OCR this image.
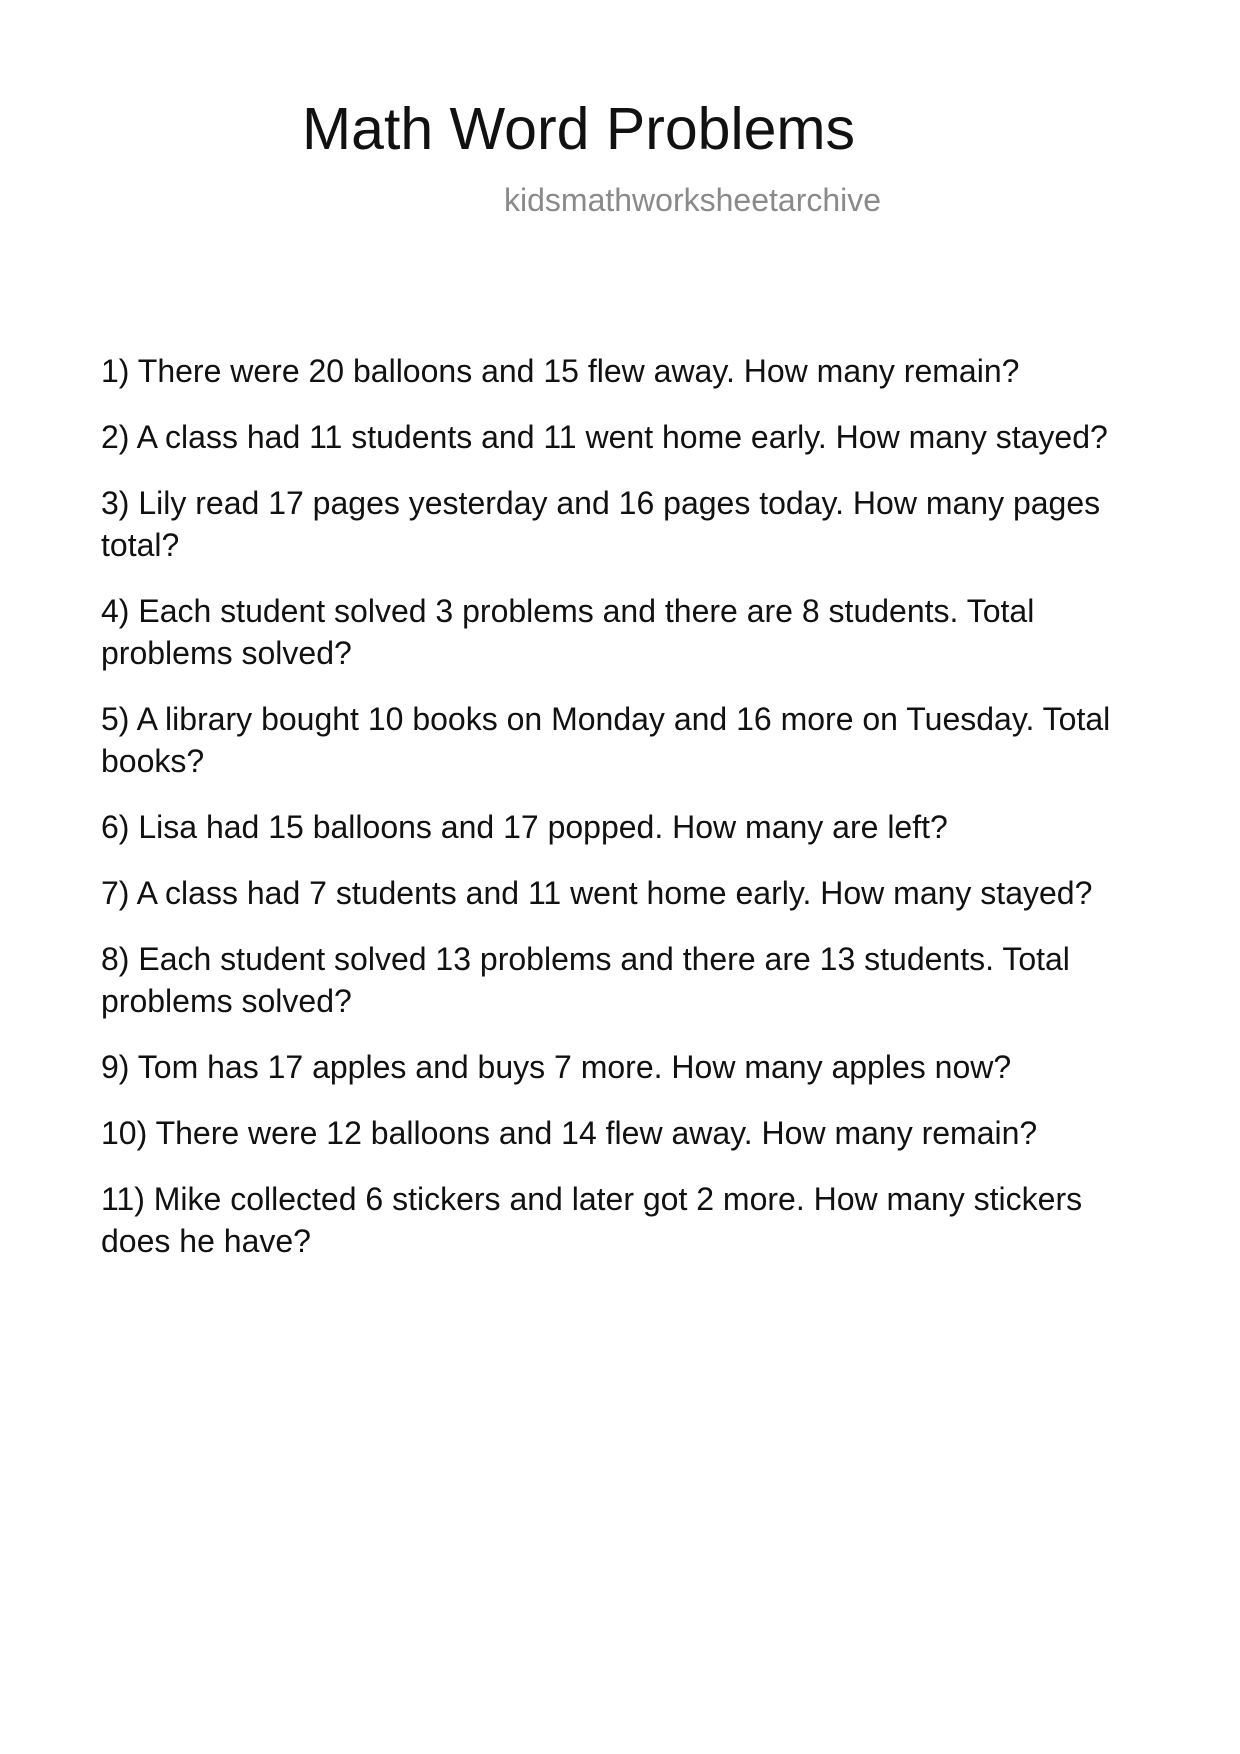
Math Word Problems
kidsmathworksheetarchive
1) There were 20 balloons and 15 flew away. How many remain?
2) A class had 11 students and 11 went home early. How many stayed?
3) Lily read 17 pages yesterday and 16 pages today. How many pages total?
4) Each student solved 3 problems and there are 8 students. Total problems solved?
5) A library bought 10 books on Monday and 16 more on Tuesday. Total books?
6) Lisa had 15 balloons and 17 popped. How many are left?
7) A class had 7 students and 11 went home early. How many stayed?
8) Each student solved 13 problems and there are 13 students. Total problems solved?
9) Tom has 17 apples and buys 7 more. How many apples now?
10) There were 12 balloons and 14 flew away. How many remain?
11) Mike collected 6 stickers and later got 2 more. How many stickers does he have?
